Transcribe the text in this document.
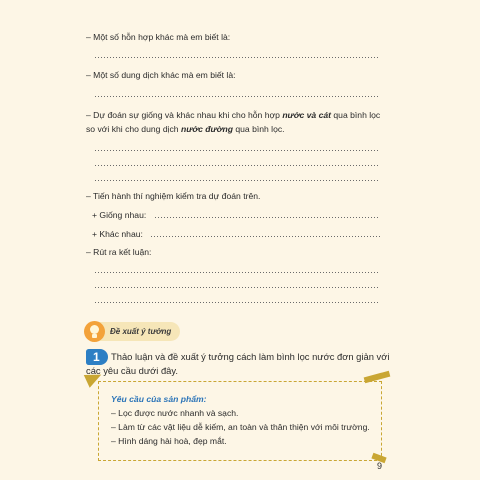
– Một số hỗn hợp khác mà em biết là:
– Một số dung dịch khác mà em biết là:
– Dự đoán sự giống và khác nhau khi cho hỗn hợp nước và cát qua bình lọc
so với khi cho dung dịch nước đường qua bình lọc.
– Tiến hành thí nghiệm kiểm tra dự đoán trên.
+ Giống nhau:
+ Khác nhau:
– Rút ra kết luận:
Đề xuất ý tưởng
1 Thảo luận và đề xuất ý tưởng cách làm bình lọc nước đơn giản với
các yêu cầu dưới đây.
Yêu cầu của sản phẩm:
– Lọc được nước nhanh và sạch.
– Làm từ các vật liệu dễ kiếm, an toàn và thân thiện với môi trường.
– Hình dáng hài hoà, đẹp mắt.
9
